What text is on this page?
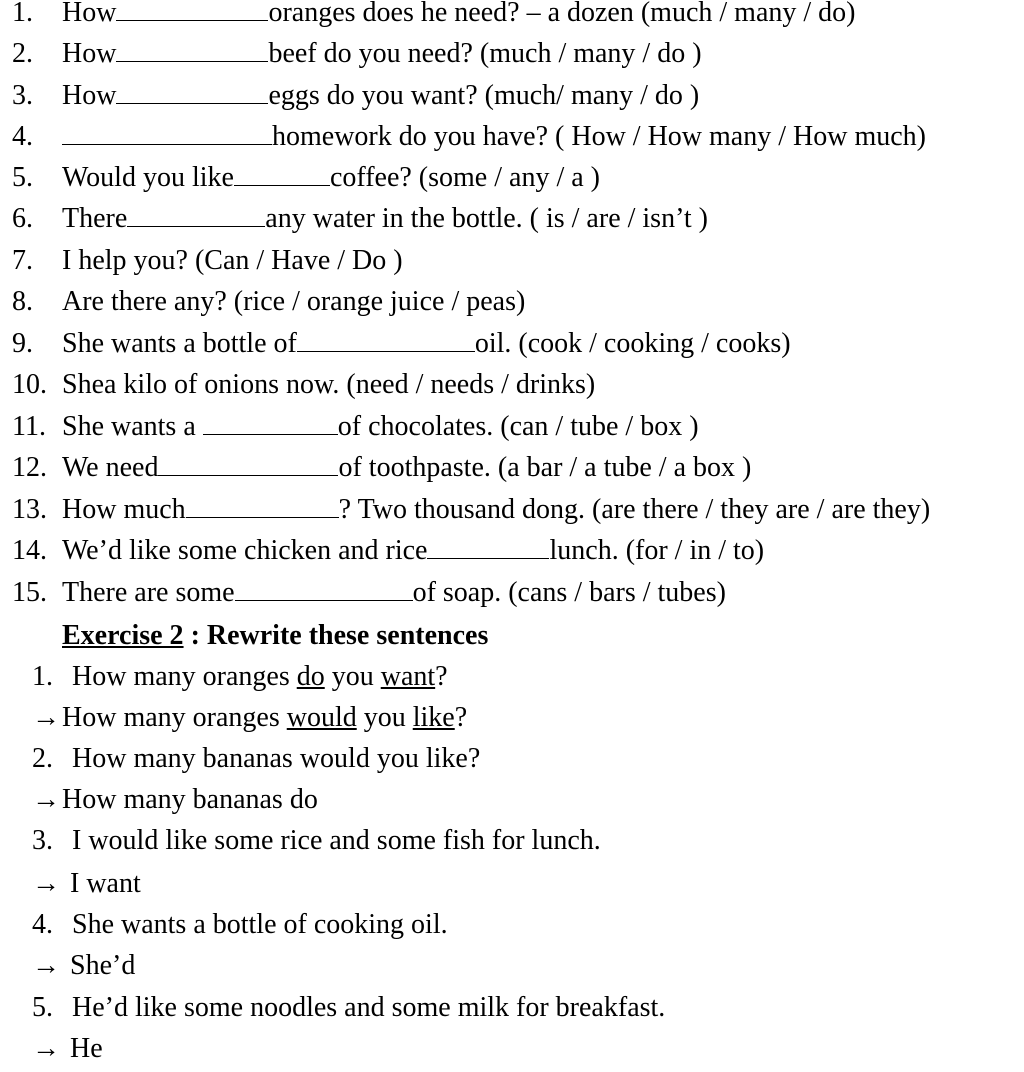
1. How	oranges does he need? – a dozen (much / many / do)
2. How	beef do you need? (much / many / do )
3. How	eggs do you want? (much/ many / do )
4.	homework do you have? ( How / How many / How much)
5. Would you like	coffee? (some / any / a )
6. There	any water in the bottle. ( is / are / isn’t )
7. I help you? (Can / Have / Do )
8. Are there any? (rice / orange juice / peas)
9. She wants a bottle of	oil. (cook / cooking / cooks)
10. Shea kilo of onions now. (need / needs / drinks)
11. She wants a	of chocolates. (can / tube / box )
12. We need	of toothpaste. (a bar / a tube / a box )
13. How much	? Two thousand dong. (are there / they are / are they)
14. We’d like some chicken and rice	lunch. (for / in / to)
15. There are some	of soap. (cans / bars / tubes)
Exercise 2 : Rewrite these sentences
1. How many oranges do you want?
→ How many oranges would you like?
2. How many bananas would you like?
→ How many bananas do
3. I would like some rice and some fish for lunch.
→ I want
4. She wants a bottle of cooking oil.
→ She’d
5. He’d like some noodles and some milk for breakfast.
→ He
